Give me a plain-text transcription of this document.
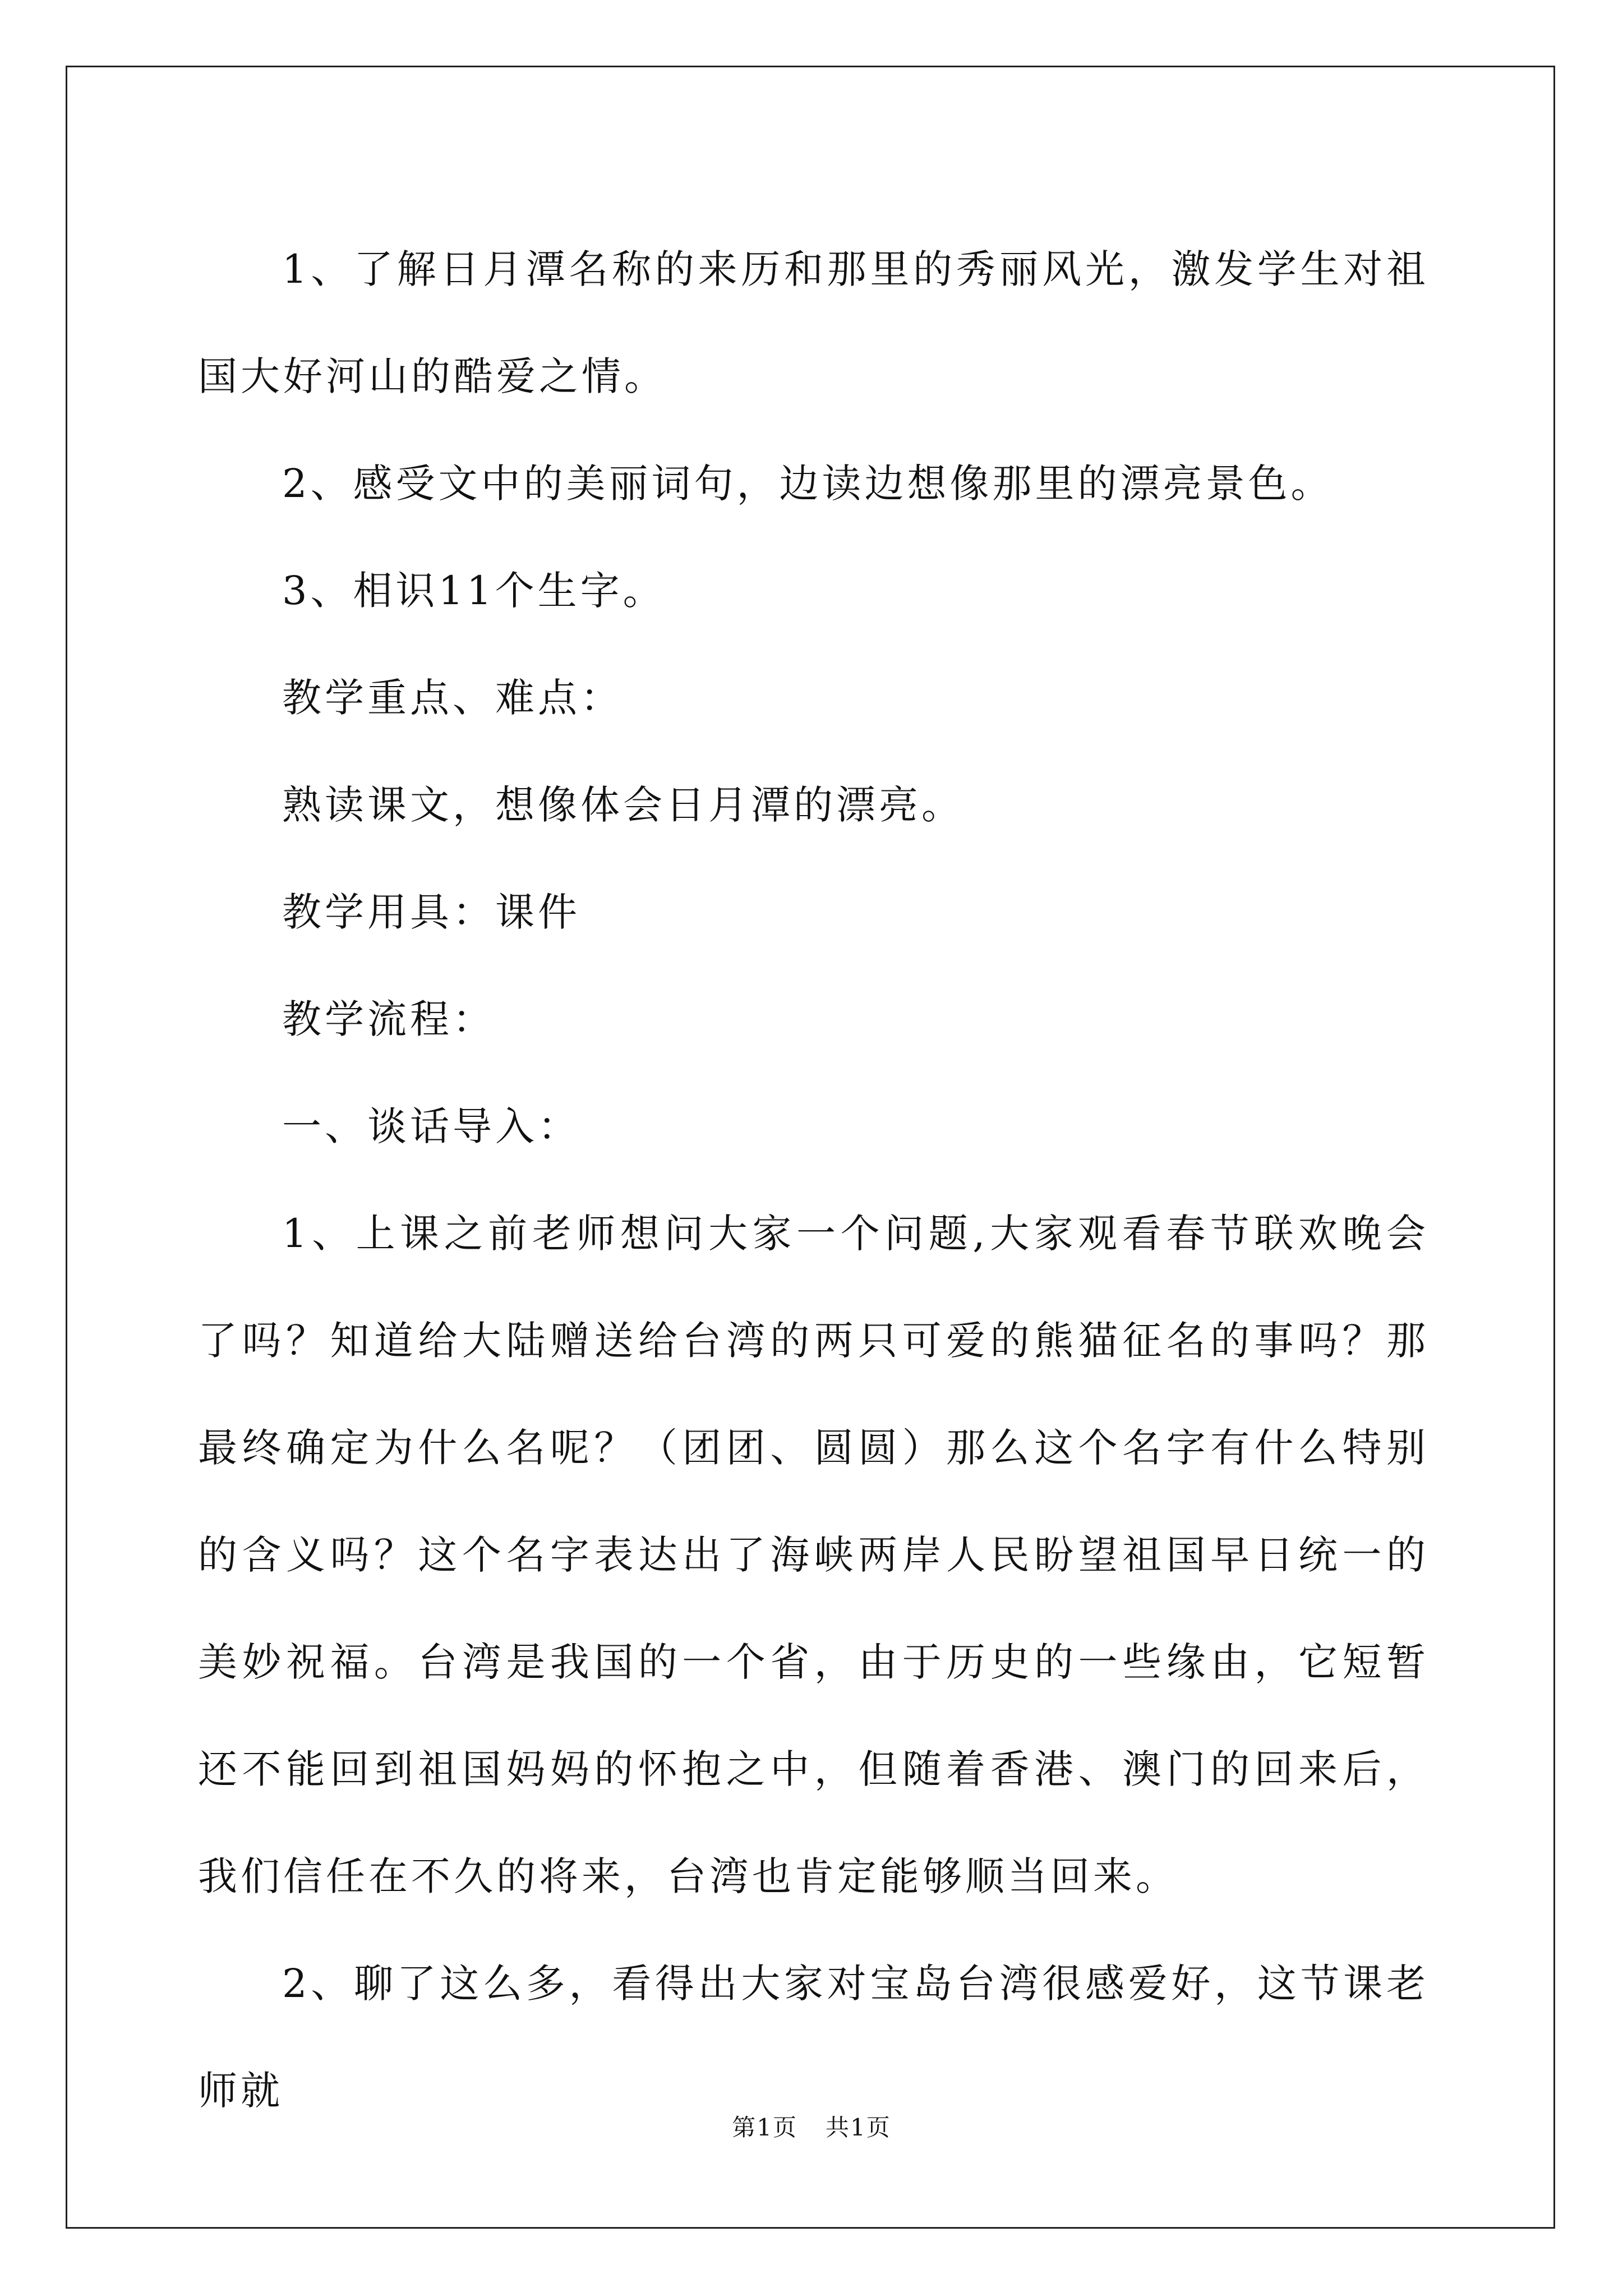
1、了解日月潭名称的来历和那里的秀丽风光，激发学生对祖国大好河山的酷爱之情。

2、感受文中的美丽词句，边读边想像那里的漂亮景色。

3、相识11个生字。

教学重点、难点：

熟读课文，想像体会日月潭的漂亮。

教学用具：课件

教学流程：

一、谈话导入：

1、上课之前老师想问大家一个问题,大家观看春节联欢晚会了吗？知道给大陆赠送给台湾的两只可爱的熊猫征名的事吗？那最终确定为什么名呢？（团团、圆圆）那么这个名字有什么特别的含义吗？这个名字表达出了海峡两岸人民盼望祖国早日统一的美妙祝福。台湾是我国的一个省，由于历史的一些缘由，它短暂还不能回到祖国妈妈的怀抱之中，但随着香港、澳门的回来后，我们信任在不久的将来，台湾也肯定能够顺当回来。

2、聊了这么多，看得出大家对宝岛台湾很感爱好，这节课老师就

第1页 共1页
